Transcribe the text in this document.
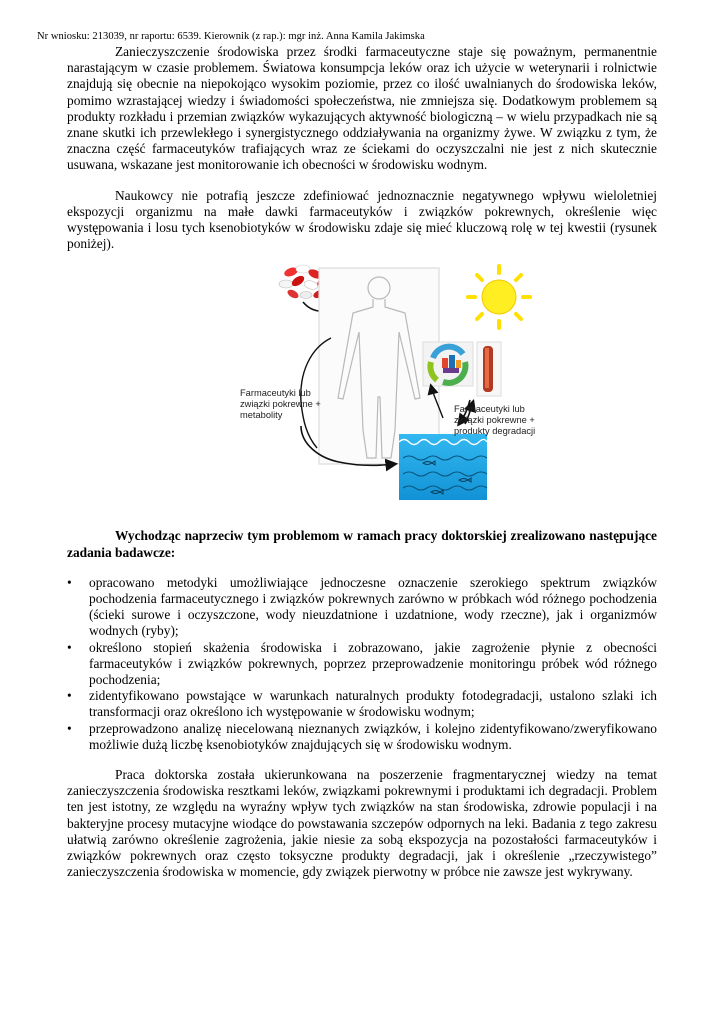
Nr wniosku: 213039, nr raportu: 6539. Kierownik (z rap.): mgr inż. Anna Kamila Jakimska

Zanieczyszczenie środowiska przez środki farmaceutyczne staje się poważnym, permanentnie narastającym w czasie problemem. Światowa konsumpcja leków oraz ich użycie w weterynarii i rolnictwie znajdują się obecnie na niepokojąco wysokim poziomie, przez co ilość uwalnianych do środowiska leków, pomimo wzrastającej wiedzy i świadomości społeczeństwa, nie zmniejsza się. Dodatkowym problemem są produkty rozkładu i przemian związków wykazujących aktywność biologiczną – w wielu przypadkach nie są znane skutki ich przewlekłego i synergistycznego oddziaływania na organizmy żywe. W związku z tym, że znaczna część farmaceutyków trafiających wraz ze ściekami do oczyszczalni nie jest z nich skutecznie usuwana, wskazane jest monitorowanie ich obecności w środowisku wodnym.

Naukowcy nie potrafią jeszcze zdefiniować jednoznacznie negatywnego wpływu wieloletniej ekspozycji organizmu na małe dawki farmaceutyków i związków pokrewnych, określenie więc występowania i losu tych ksenobiotyków w środowisku zdaje się mieć kluczową rolę w tej kwestii (rysunek poniżej).

Farmaceutyki lub
związki pokrewne +
metabolity
Farmaceutyki lub
związki pokrewne +
produkty degradacji

Wychodząc naprzeciw tym problemom w ramach pracy doktorskiej zrealizowano następujące zadania badawcze:

• opracowano metodyki umożliwiające jednoczesne oznaczenie szerokiego spektrum związków pochodzenia farmaceutycznego i związków pokrewnych zarówno w próbkach wód różnego pochodzenia (ścieki surowe i oczyszczone, wody nieuzdatnione i uzdatnione, wody rzeczne), jak i organizmów wodnych (ryby);
• określono stopień skażenia środowiska i zobrazowano, jakie zagrożenie płynie z obecności farmaceutyków i związków pokrewnych, poprzez przeprowadzenie monitoringu próbek wód różnego pochodzenia;
• zidentyfikowano powstające w warunkach naturalnych produkty fotodegradacji, ustalono szlaki ich transformacji oraz określono ich występowanie w środowisku wodnym;
• przeprowadzono analizę niecelowaną nieznanych związków, i kolejno zidentyfikowano/zweryfikowano możliwie dużą liczbę ksenobiotyków znajdujących się w środowisku wodnym.

Praca doktorska została ukierunkowana na poszerzenie fragmentarycznej wiedzy na temat zanieczyszczenia środowiska resztkami leków, związkami pokrewnymi i produktami ich degradacji. Problem ten jest istotny, ze względu na wyraźny wpływ tych związków na stan środowiska, zdrowie populacji i na bakteryjne procesy mutacyjne wiodące do powstawania szczepów odpornych na leki. Badania z tego zakresu ułatwią zarówno określenie zagrożenia, jakie niesie za sobą ekspozycja na pozostałości farmaceutyków i związków pokrewnych oraz często toksyczne produkty degradacji, jak i określenie „rzeczywistego” zanieczyszczenia środowiska w momencie, gdy związek pierwotny w próbce nie zawsze jest wykrywany.
